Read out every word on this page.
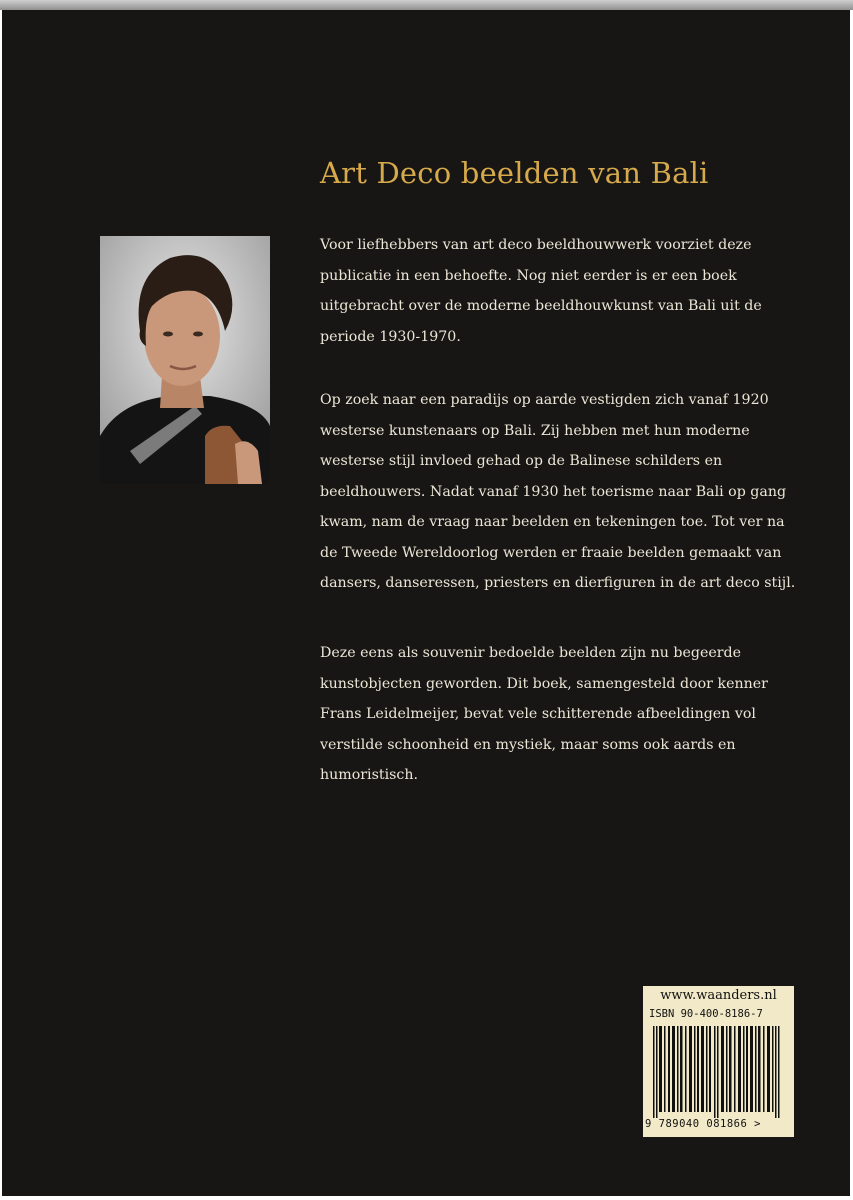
Art Deco beelden van Bali
Voor liefhebbers van art deco beeldhouwwerk voorziet deze publicatie in een behoefte. Nog niet eerder is er een boek uitgebracht over de moderne beeldhouwkunst van Bali uit de periode 1930-1970.
Op zoek naar een paradijs op aarde vestigden zich vanaf 1920 westerse kunstenaars op Bali. Zij hebben met hun moderne westerse stijl invloed gehad op de Balinese schilders en beeldhouwers. Nadat vanaf 1930 het toerisme naar Bali op gang kwam, nam de vraag naar beelden en tekeningen toe. Tot ver na de Tweede Wereldoorlog werden er fraaie beelden gemaakt van dansers, danseressen, priesters en dierfiguren in de art deco stijl.
Deze eens als souvenir bedoelde beelden zijn nu begeerde kunstobjecten geworden. Dit boek, samengesteld door kenner Frans Leidelmeijer, bevat vele schitterende afbeeldingen vol verstilde schoonheid en mystiek, maar soms ook aards en humoristisch.
www.waanders.nl
ISBN 90-400-8186-7
9 789040 081866 >
